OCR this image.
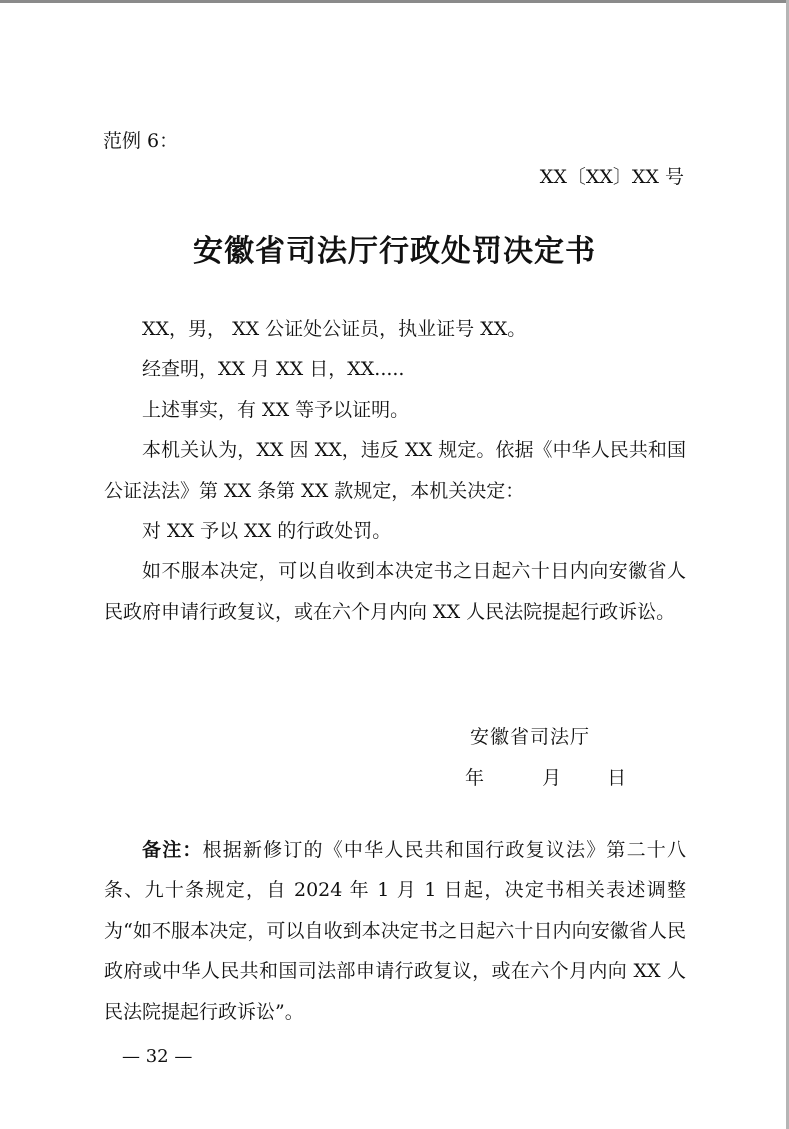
范例 6：
XX〔XX〕XX 号
安徽省司法厅行政处罚决定书

XX，男， XX 公证处公证员，执业证号 XX。

经查明，XX 月 XX 日，XX.....

上述事实，有 XX 等予以证明。

本机关认为，XX 因 XX，违反 XX 规定。依据《中华人民共和国公证法法》第 XX 条第 XX 款规定，本机关决定：

对 XX 予以 XX 的行政处罚。

如不服本决定，可以自收到本决定书之日起六十日内向安徽省人民政府申请行政复议，或在六个月内向 XX 人民法院提起行政诉讼。

安徽省司法厅
年	月 日

备注：根据新修订的《中华人民共和国行政复议法》第二十八条、九十条规定，自 2024 年 1 月 1 日起，决定书相关表述调整为“如不服本决定，可以自收到本决定书之日起六十日内向安徽省人民政府或中华人民共和国司法部申请行政复议，或在六个月内向 XX 人民法院提起行政诉讼”。

— 32 —
